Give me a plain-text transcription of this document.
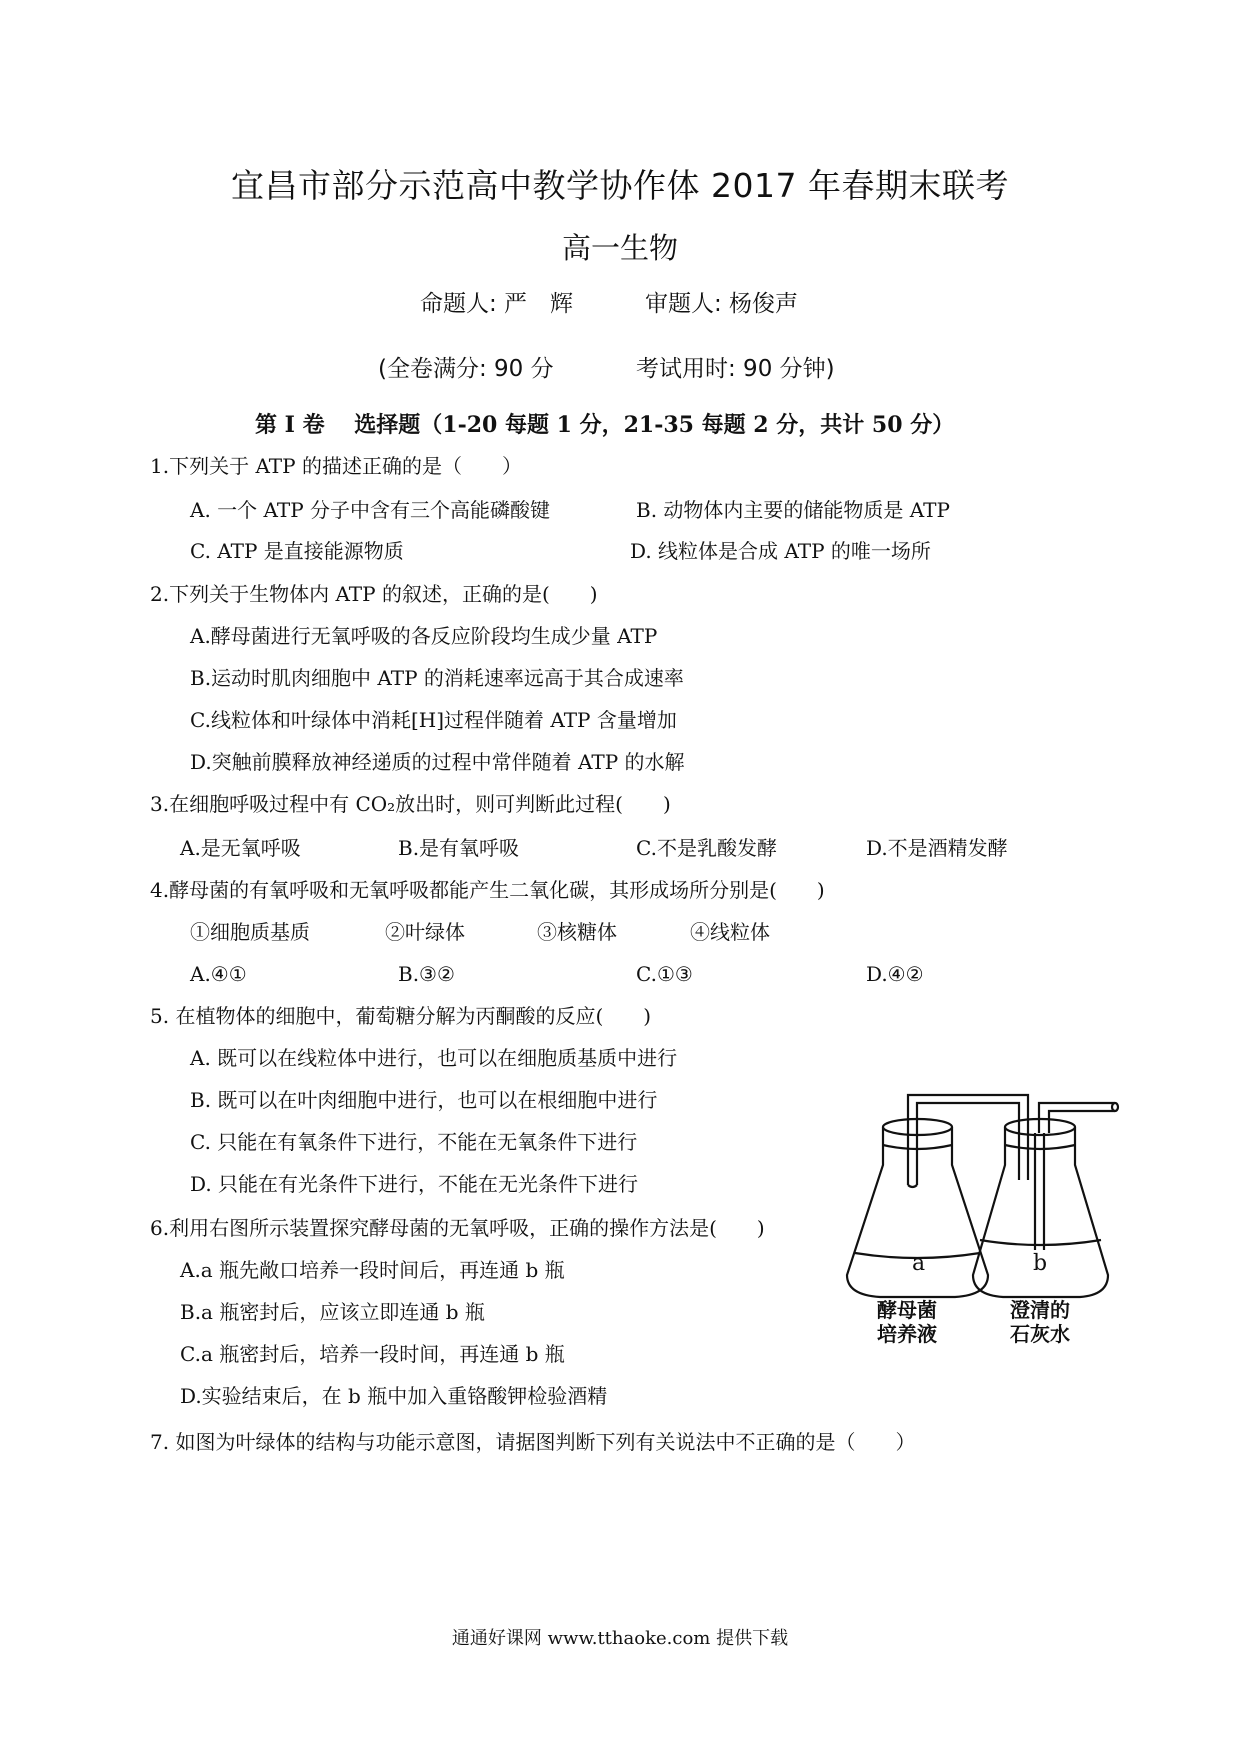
宜昌市部分示范高中教学协作体 2017 年春期末联考
高一生物
命题人: 严　辉	审题人: 杨俊声
(全卷满分: 90 分	考试用时: 90 分钟)
第 I 卷 　选择题（1-20 每题 1 分，21-35 每题 2 分，共计 50 分）
1.下列关于 ATP 的描述正确的是（　　）
A. 一个 ATP 分子中含有三个高能磷酸键	B. 动物体内主要的储能物质是 ATP
C. ATP 是直接能源物质	D. 线粒体是合成 ATP 的唯一场所
2.下列关于生物体内 ATP 的叙述，正确的是(　　)
A.酵母菌进行无氧呼吸的各反应阶段均生成少量 ATP
B.运动时肌肉细胞中 ATP 的消耗速率远高于其合成速率
C.线粒体和叶绿体中消耗[H]过程伴随着 ATP 含量增加
D.突触前膜释放神经递质的过程中常伴随着 ATP 的水解
3.在细胞呼吸过程中有 CO₂放出时，则可判断此过程(　　)
A.是无氧呼吸	B.是有氧呼吸	C.不是乳酸发酵	D.不是酒精发酵
4.酵母菌的有氧呼吸和无氧呼吸都能产生二氧化碳，其形成场所分别是(　　)
①细胞质基质	②叶绿体	③核糖体	④线粒体
A.④①	B.③②	C.①③	D.④②
5. 在植物体的细胞中，葡萄糖分解为丙酮酸的反应(　　)
A. 既可以在线粒体中进行，也可以在细胞质基质中进行
B. 既可以在叶肉细胞中进行，也可以在根细胞中进行
C. 只能在有氧条件下进行，不能在无氧条件下进行
D. 只能在有光条件下进行，不能在无光条件下进行
6.利用右图所示装置探究酵母菌的无氧呼吸，正确的操作方法是(　　)
A.a 瓶先敞口培养一段时间后，再连通 b 瓶
B.a 瓶密封后，应该立即连通 b 瓶
C.a 瓶密封后，培养一段时间，再连通 b 瓶
D.实验结束后，在 b 瓶中加入重铬酸钾检验酒精
7. 如图为叶绿体的结构与功能示意图，请据图判断下列有关说法中不正确的是（　　）
a	b
酵母菌
培养液
澄清的
石灰水
通通好课网 www.tthaoke.com 提供下载
